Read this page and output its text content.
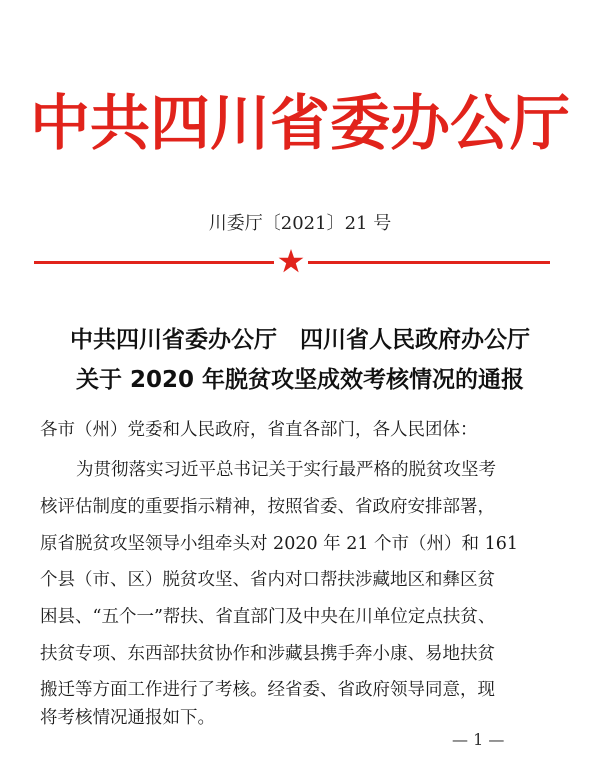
中共四川省委办公厅
川委厅〔2021〕21 号
中共四川省委办公厅　四川省人民政府办公厅
关于 2020 年脱贫攻坚成效考核情况的通报
各市（州）党委和人民政府，省直各部门，各人民团体：
为贯彻落实习近平总书记关于实行最严格的脱贫攻坚考
核评估制度的重要指示精神，按照省委、省政府安排部署，
原省脱贫攻坚领导小组牵头对 2020 年 21 个市（州）和 161
个县（市、区）脱贫攻坚、省内对口帮扶涉藏地区和彝区贫
困县、“五个一”帮扶、省直部门及中央在川单位定点扶贫、
扶贫专项、东西部扶贫协作和涉藏县携手奔小康、易地扶贫
搬迁等方面工作进行了考核。经省委、省政府领导同意，现
将考核情况通报如下。
— 1 —
